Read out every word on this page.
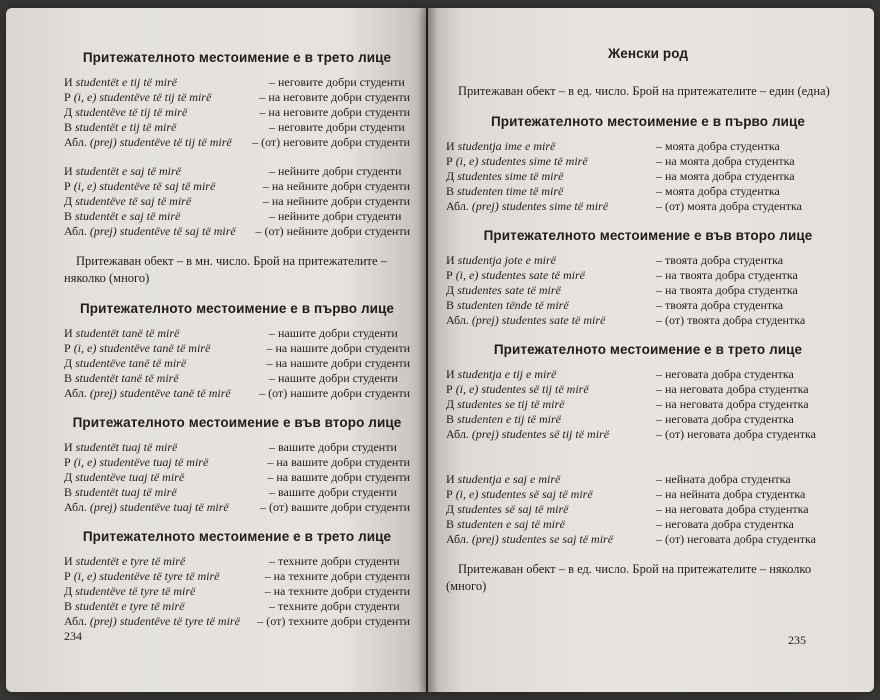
Притежателното местоимение е в трето лице
И studentët e tij të mirë	– неговите добри студенти
Р (i, e) studentëve të tij të mirë	– на неговите добри студенти
Д studentëve të tij të mirë	– на неговите добри студенти
В studentët e tij të mirë	– неговите добри студенти
Абл. (prej) studentëve të tij të mirë	– (от) неговите добри студенти
И studentët e saj të mirë	– нейните добри студенти
Р (i, e) studentëve të saj të mirë	– на нейните добри студенти
Д studentëve të saj të mirë	– на нейните добри студенти
В studentët e saj të mirë	– нейните добри студенти
Абл. (prej) studentëve të saj të mirë	– (от) нейните добри студенти

Притежаван обект – в мн. число. Брой на притежателите – няколко (много)

Притежателното местоимение е в първо лице
И studentët tanë të mirë	– нашите добри студенти
Р (i, e) studentëve tanë të mirë	– на нашите добри студенти
Д studentëve tanë të mirë	– на нашите добри студенти
В studentët tanë të mirë	– нашите добри студенти
Абл. (prej) studentëve tanë të mirë	– (от) нашите добри студенти
Притежателното местоимение е във второ лице
И studentët tuaj të mirë	– вашите добри студенти
Р (i, e) studentëve tuaj të mirë	– на вашите добри студенти
Д studentëve tuaj të mirë	– на вашите добри студенти
В studentët tuaj të mirë	– вашите добри студенти
Абл. (prej) studentëve tuaj të mirë	– (от) вашите добри студенти
Притежателното местоимение е в трето лице
И studentët e tyre të mirë	– техните добри студенти
Р (i, e) studentëve të tyre të mirë	– на техните добри студенти
Д studentëve të tyre të mirë	– на техните добри студенти
В studentët e tyre të mirë	– техните добри студенти
Абл. (prej) studentëve të tyre të mirë	– (от) техните добри студенти
234
Женски род

Притежаван обект – в ед. число. Брой на притежателите – един (една)

Притежателното местоимение е в първо лице
И studentja ime e mirë	– моята добра студентка
Р (i, e) studentes sime të mirë	– на моята добра студентка
Д studentes sime të mirë	– на моята добра студентка
В studenten time të mirë	– моята добра студентка
Абл. (prej) studentes sime të mirë	– (от) моята добра студентка
Притежателното местоимение е във второ лице
И studentja jote e mirë	– твоята добра студентка
Р (i, e) studentes sate të mirë	– на твоята добра студентка
Д studentes sate të mirë	– на твоята добра студентка
В studenten tënde të mirë	– твоята добра студентка
Абл. (prej) studentes sate të mirë	– (от) твоята добра студентка
Притежателното местоимение е в трето лице
И studentja e tij e mirë	– неговата добра студентка
Р (i, e) studentes së tij të mirë	– на неговата добра студентка
Д studentes se tij të mirë	– на неговата добра студентка
В studenten e tij të mirë	– неговата добра студентка
Абл. (prej) studentes së tij të mirë	– (от) неговата добра студентка
И studentja e saj e mirë	– нейната добра студентка
Р (i, e) studentes së saj të mirë	– на нейната добра студентка
Д studentes së saj të mirë	– на неговата добра студентка
В studenten e saj të mirë	– неговата добра студентка
Абл. (prej) studentes se saj të mirë	– (от) неговата добра студентка

Притежаван обект – в ед. число. Брой на притежателите – няколко (много)

235
